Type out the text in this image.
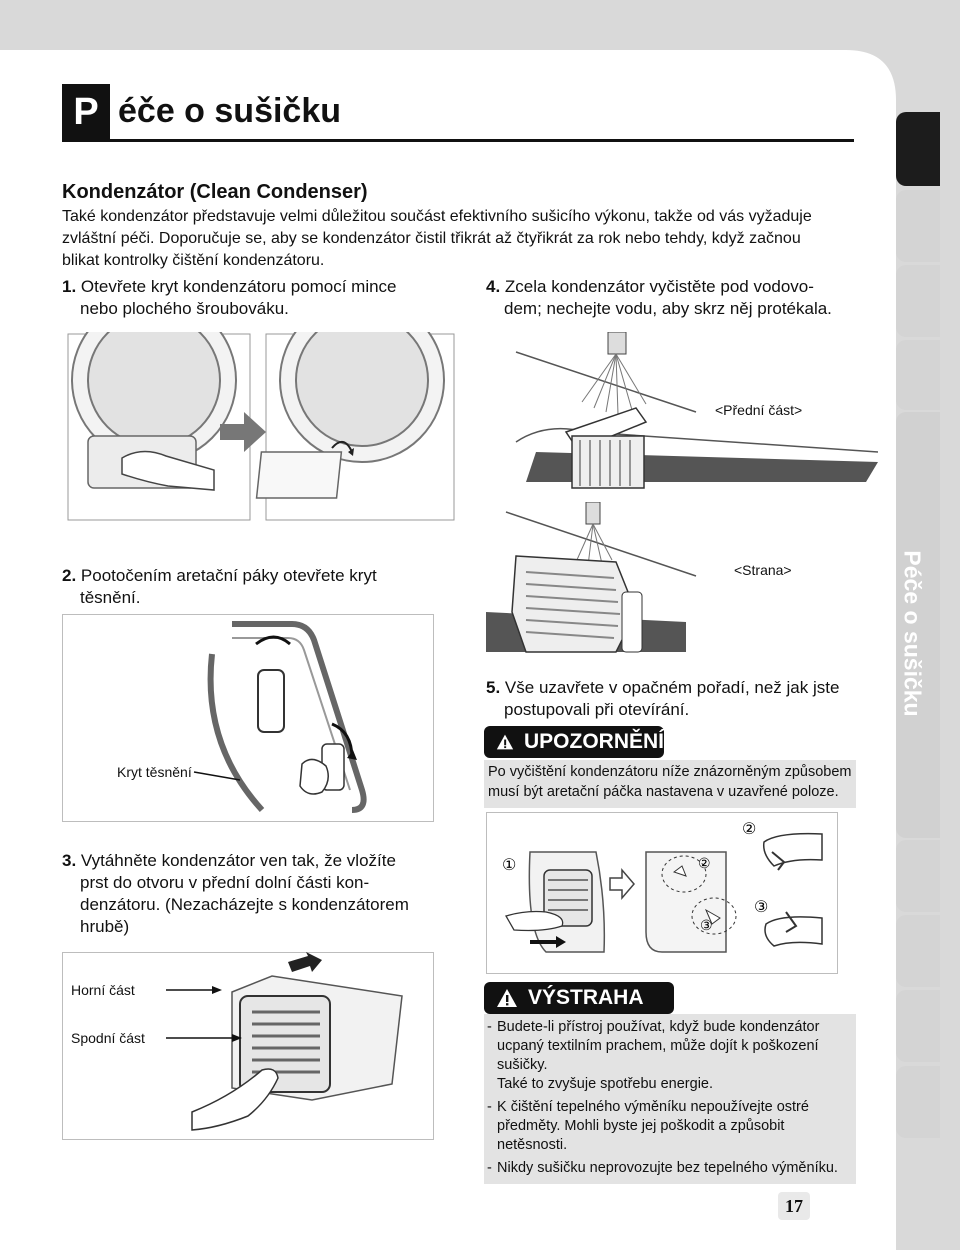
Péče o sušičku
P éče o sušičku
Kondenzátor (Clean Condenser)
Také kondenzátor představuje velmi důležitou součást efektivního sušicího výkonu, takže od vás vyžaduje
zvláštní péči. Doporučuje se, aby se kondenzátor čistil třikrát až čtyřikrát za rok nebo tehdy, když začnou
blikat kontrolky čištění kondenzátoru.
1. Otevřete kryt kondenzátoru pomocí mince
nebo plochého šroubováku.
2. Pootočením aretační páky otevřete kryt
těsnění.
Kryt těsnění
3. Vytáhněte kondenzátor ven tak, že vložíte
prst do otvoru v přední dolní části kon-
denzátoru. (Nezacházejte s kondenzátorem
hrubě)
Horní část
Spodní část
4. Zcela kondenzátor vyčistěte pod vodovo-
dem; nechejte vodu, aby skrz něj protékala.
<Přední část>
<Strana>
5. Vše uzavřete v opačném pořadí, než jak jste
postupovali při otevírání.
UPOZORNĚNÍ
Po vyčištění kondenzátoru níže znázorněným způsobem
musí být aretační páčka nastavena v uzavřené poloze.
①
②
②
③
③
VÝSTRAHA
- Budete-li přístroj používat, když bude kondenzátor
ucpaný textilním prachem, může dojít k poškození
sušičky.
Také to zvyšuje spotřebu energie.
- K čištění tepelného výměníku nepoužívejte ostré
předměty. Mohli byste jej poškodit a způsobit
netěsnosti.
- Nikdy sušičku neprovozujte bez tepelného výměníku.
17
